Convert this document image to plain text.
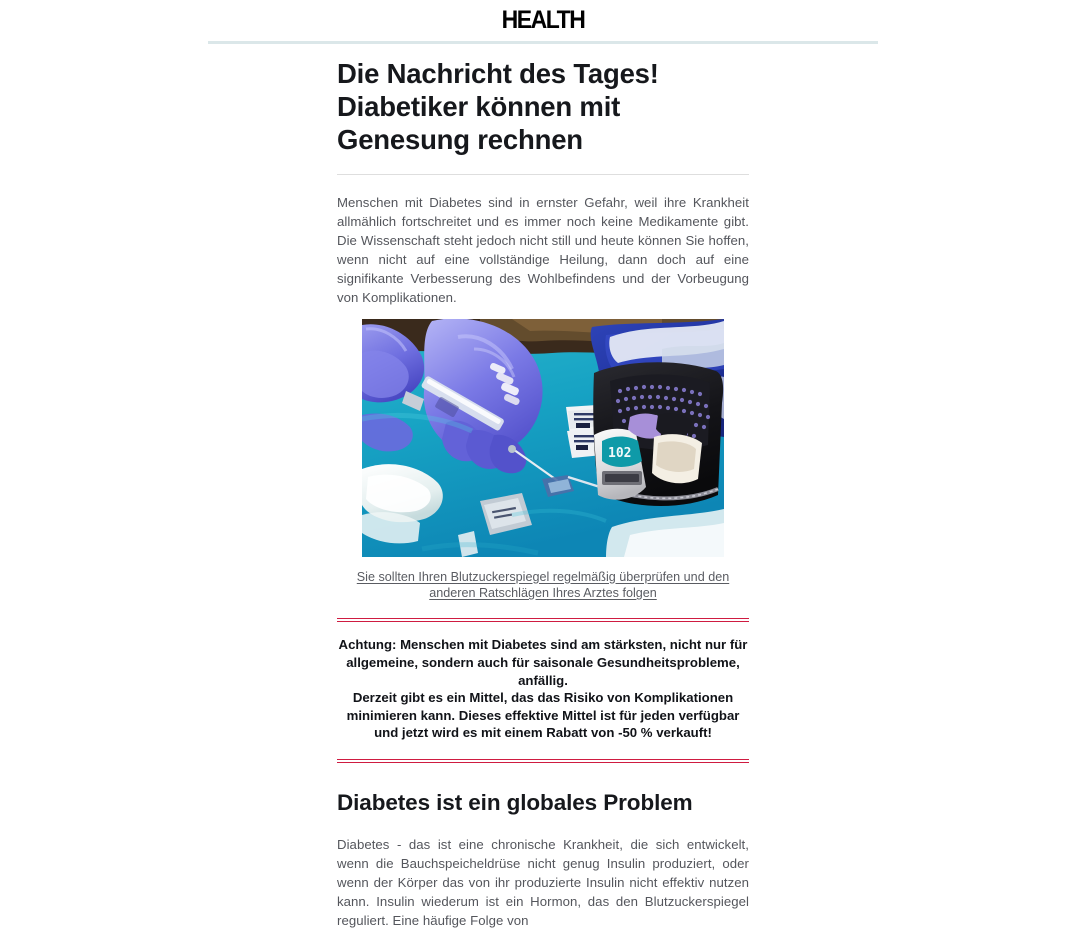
HEALTH
Die Nachricht des Tages! Diabetiker können mit Genesung rechnen

Menschen mit Diabetes sind in ernster Gefahr, weil ihre Krankheit allmählich fortschreitet und es immer noch keine Medikamente gibt. Die Wissenschaft steht jedoch nicht still und heute können Sie hoffen, wenn nicht auf eine vollständige Heilung, dann doch auf eine signifikante Verbesserung des Wohlbefindens und der Vorbeugung von Komplikationen.

102
Sie sollten Ihren Blutzuckerspiegel regelmäßig überprüfen und den anderen Ratschlägen Ihres Arztes folgen

Achtung: Menschen mit Diabetes sind am stärksten, nicht nur für allgemeine, sondern auch für saisonale Gesundheitsprobleme, anfällig.

Derzeit gibt es ein Mittel, das das Risiko von Komplikationen minimieren kann. Dieses effektive Mittel ist für jeden verfügbar und jetzt wird es mit einem Rabatt von -50 % verkauft!

Diabetes ist ein globales Problem

Diabetes - das ist eine chronische Krankheit, die sich entwickelt, wenn die Bauchspeicheldrüse nicht genug Insulin produziert, oder wenn der Körper das von ihr produzierte Insulin nicht effektiv nutzen kann. Insulin wiederum ist ein Hormon, das den Blutzuckerspiegel reguliert. Eine häufige Folge von
